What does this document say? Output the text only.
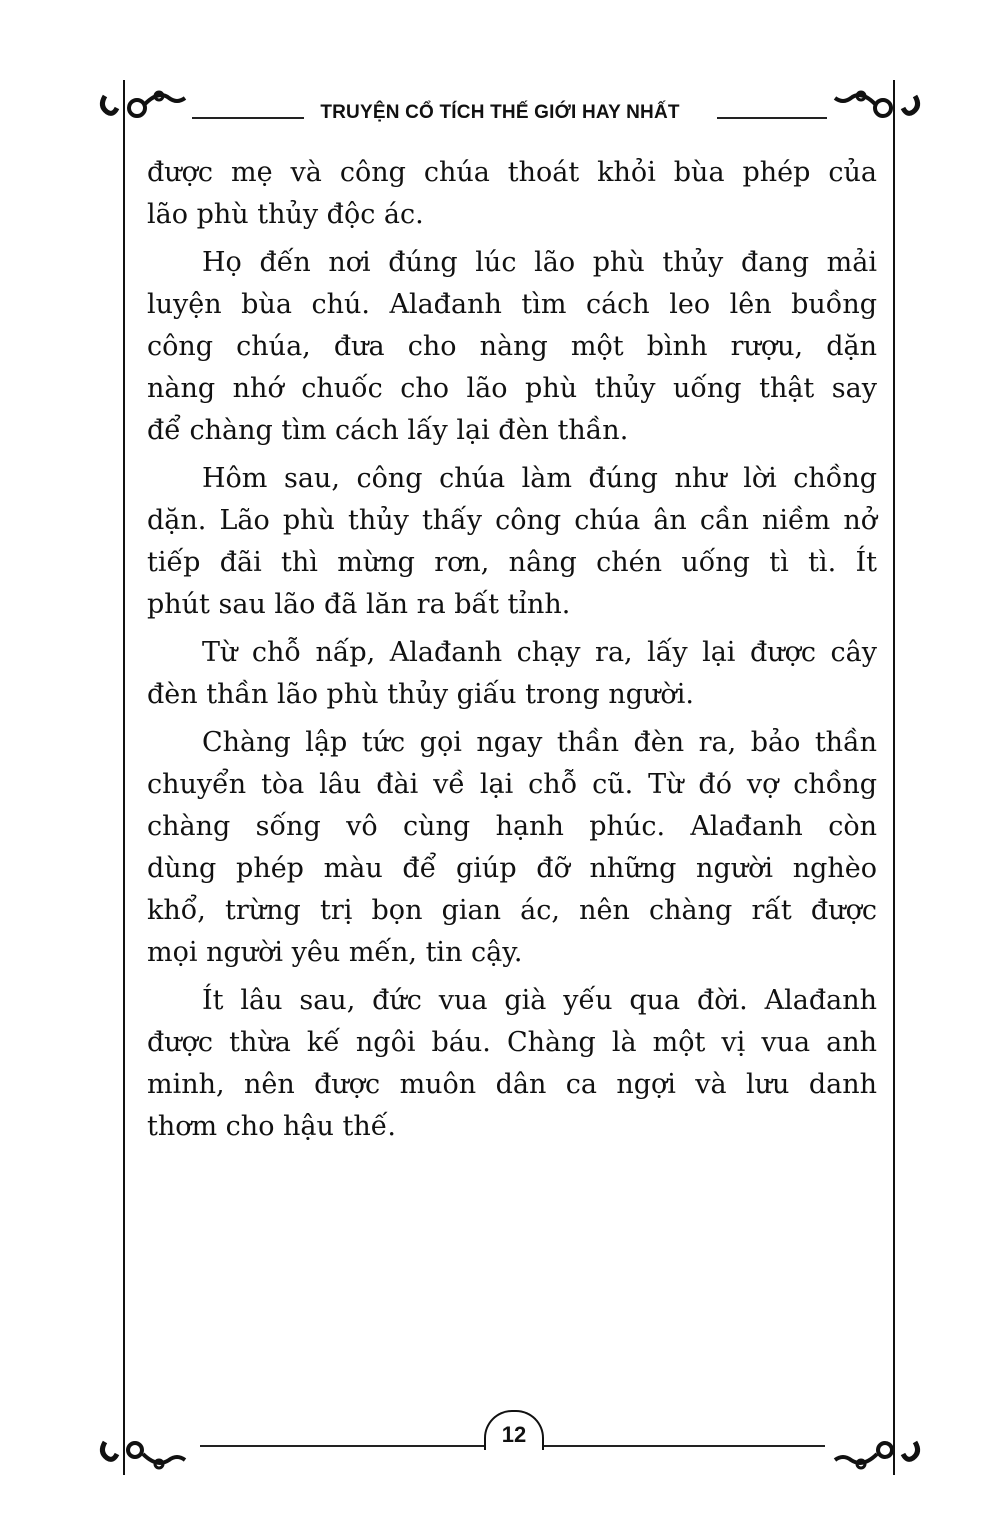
TRUYỆN CỔ TÍCH THẾ GIỚI HAY NHẤT
được mẹ và công chúa thoát khỏi bùa phép của
lão phù thủy độc ác.
Họ đến nơi đúng lúc lão phù thủy đang mải
luyện bùa chú. Alađanh tìm cách leo lên buồng
công chúa, đưa cho nàng một bình rượu, dặn
nàng nhớ chuốc cho lão phù thủy uống thật say
để chàng tìm cách lấy lại đèn thần.
Hôm sau, công chúa làm đúng như lời chồng
dặn. Lão phù thủy thấy công chúa ân cần niềm nở
tiếp đãi thì mừng rơn, nâng chén uống tì tì. Ít
phút sau lão đã lăn ra bất tỉnh.
Từ chỗ nấp, Alađanh chạy ra, lấy lại được cây
đèn thần lão phù thủy giấu trong người.
Chàng lập tức gọi ngay thần đèn ra, bảo thần
chuyển tòa lâu đài về lại chỗ cũ. Từ đó vợ chồng
chàng sống vô cùng hạnh phúc. Alađanh còn
dùng phép màu để giúp đỡ những người nghèo
khổ, trừng trị bọn gian ác, nên chàng rất được
mọi người yêu mến, tin cậy.
Ít lâu sau, đức vua già yếu qua đời. Alađanh
được thừa kế ngôi báu. Chàng là một vị vua anh
minh, nên được muôn dân ca ngợi và lưu danh
thơm cho hậu thế.
12
